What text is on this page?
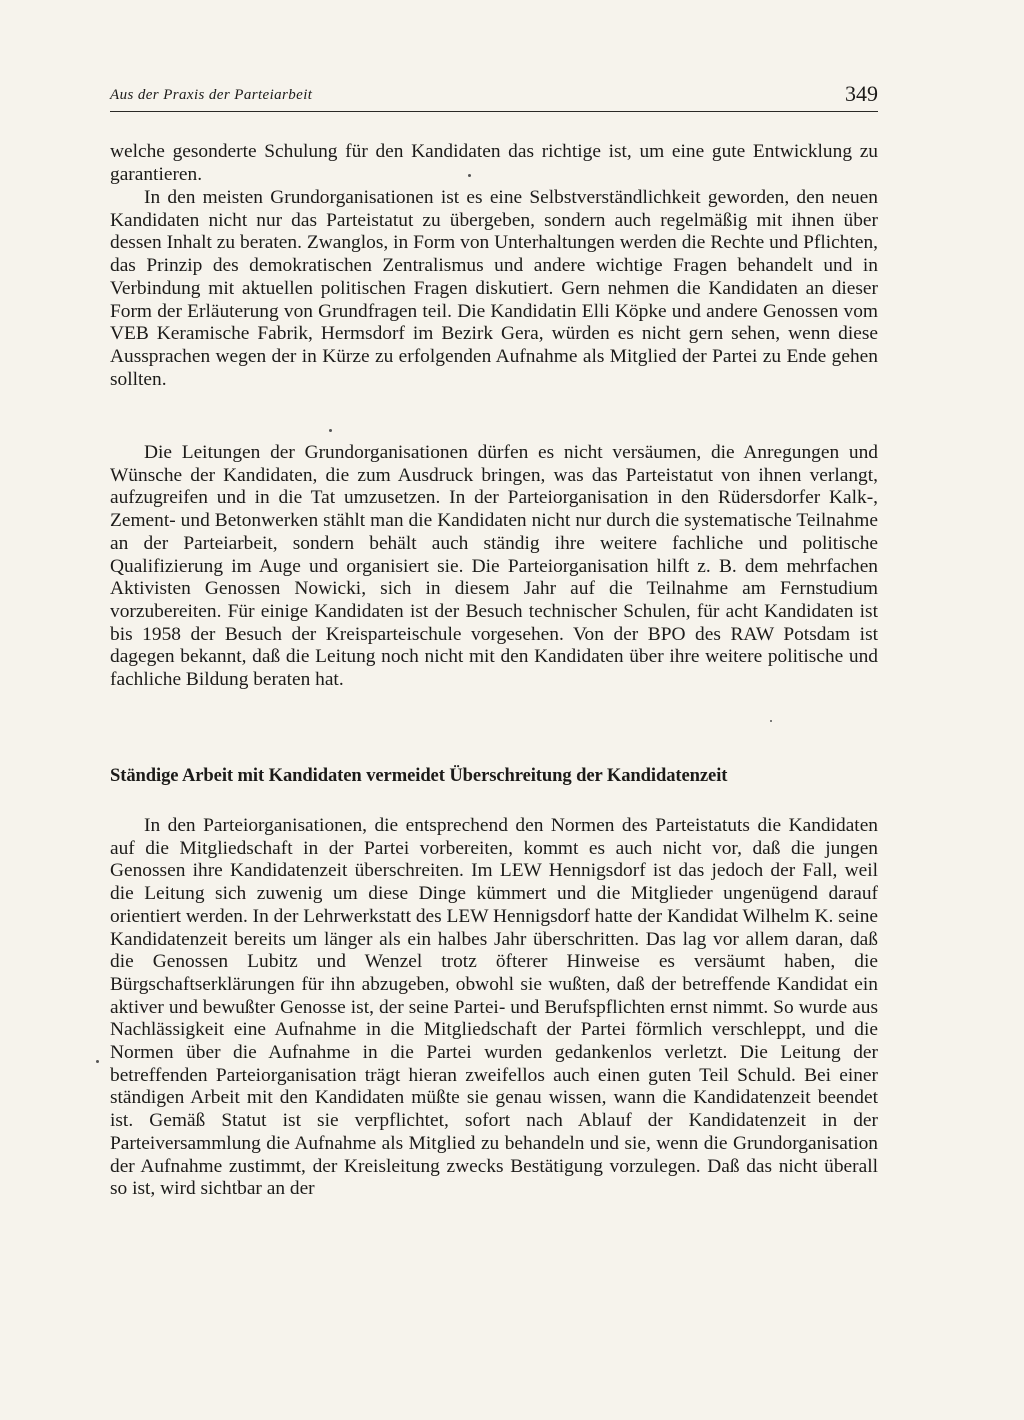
Aus der Praxis der Parteiarbeit	349

welche gesonderte Schulung für den Kandidaten das richtige ist, um eine gute Entwicklung zu garantieren.

In den meisten Grundorganisationen ist es eine Selbstverständlichkeit geworden, den neuen Kandidaten nicht nur das Parteistatut zu übergeben, sondern auch regelmäßig mit ihnen über dessen Inhalt zu beraten. Zwanglos, in Form von Unterhaltungen werden die Rechte und Pflichten, das Prinzip des demokratischen Zentralismus und andere wichtige Fragen behandelt und in Verbindung mit aktuellen politischen Fragen diskutiert. Gern nehmen die Kandidaten an dieser Form der Erläuterung von Grundfragen teil. Die Kandidatin Elli Köpke und andere Genossen vom VEB Keramische Fabrik, Hermsdorf im Bezirk Gera, würden es nicht gern sehen, wenn diese Aussprachen wegen der in Kürze zu erfolgenden Aufnahme als Mitglied der Partei zu Ende gehen sollten.

Die Leitungen der Grundorganisationen dürfen es nicht versäumen, die Anregungen und Wünsche der Kandidaten, die zum Ausdruck bringen, was das Parteistatut von ihnen verlangt, aufzugreifen und in die Tat umzusetzen. In der Parteiorganisation in den Rüdersdorfer Kalk-, Zement- und Betonwerken stählt man die Kandidaten nicht nur durch die systematische Teilnahme an der Parteiarbeit, sondern behält auch ständig ihre weitere fachliche und politische Qualifizierung im Auge und organisiert sie. Die Parteiorganisation hilft z. B. dem mehrfachen Aktivisten Genossen Nowicki, sich in diesem Jahr auf die Teilnahme am Fernstudium vorzubereiten. Für einige Kandidaten ist der Besuch technischer Schulen, für acht Kandidaten ist bis 1958 der Besuch der Kreisparteischule vorgesehen. Von der BPO des RAW Potsdam ist dagegen bekannt, daß die Leitung noch nicht mit den Kandidaten über ihre weitere politische und fachliche Bildung beraten hat.

Ständige Arbeit mit Kandidaten vermeidet Überschreitung der Kandidatenzeit

In den Parteiorganisationen, die entsprechend den Normen des Parteistatuts die Kandidaten auf die Mitgliedschaft in der Partei vorbereiten, kommt es auch nicht vor, daß die jungen Genossen ihre Kandidatenzeit überschreiten. Im LEW Hennigsdorf ist das jedoch der Fall, weil die Leitung sich zuwenig um diese Dinge kümmert und die Mitglieder ungenügend darauf orientiert werden. In der Lehrwerkstatt des LEW Hennigsdorf hatte der Kandidat Wilhelm K. seine Kandidatenzeit bereits um länger als ein halbes Jahr überschritten. Das lag vor allem daran, daß die Genossen Lubitz und Wenzel trotz öfterer Hinweise es versäumt haben, die Bürgschaftserklärungen für ihn abzugeben, obwohl sie wußten, daß der betreffende Kandidat ein aktiver und bewußter Genosse ist, der seine Partei- und Berufspflichten ernst nimmt. So wurde aus Nachlässigkeit eine Aufnahme in die Mitgliedschaft der Partei förmlich verschleppt, und die Normen über die Aufnahme in die Partei wurden gedankenlos verletzt. Die Leitung der betreffenden Parteiorganisation trägt hieran zweifellos auch einen guten Teil Schuld. Bei einer ständigen Arbeit mit den Kandidaten müßte sie genau wissen, wann die Kandidatenzeit beendet ist. Gemäß Statut ist sie verpflichtet, sofort nach Ablauf der Kandidatenzeit in der Parteiversammlung die Aufnahme als Mitglied zu behandeln und sie, wenn die Grundorganisation der Aufnahme zustimmt, der Kreisleitung zwecks Bestätigung vorzulegen. Daß das nicht überall so ist, wird sichtbar an der
